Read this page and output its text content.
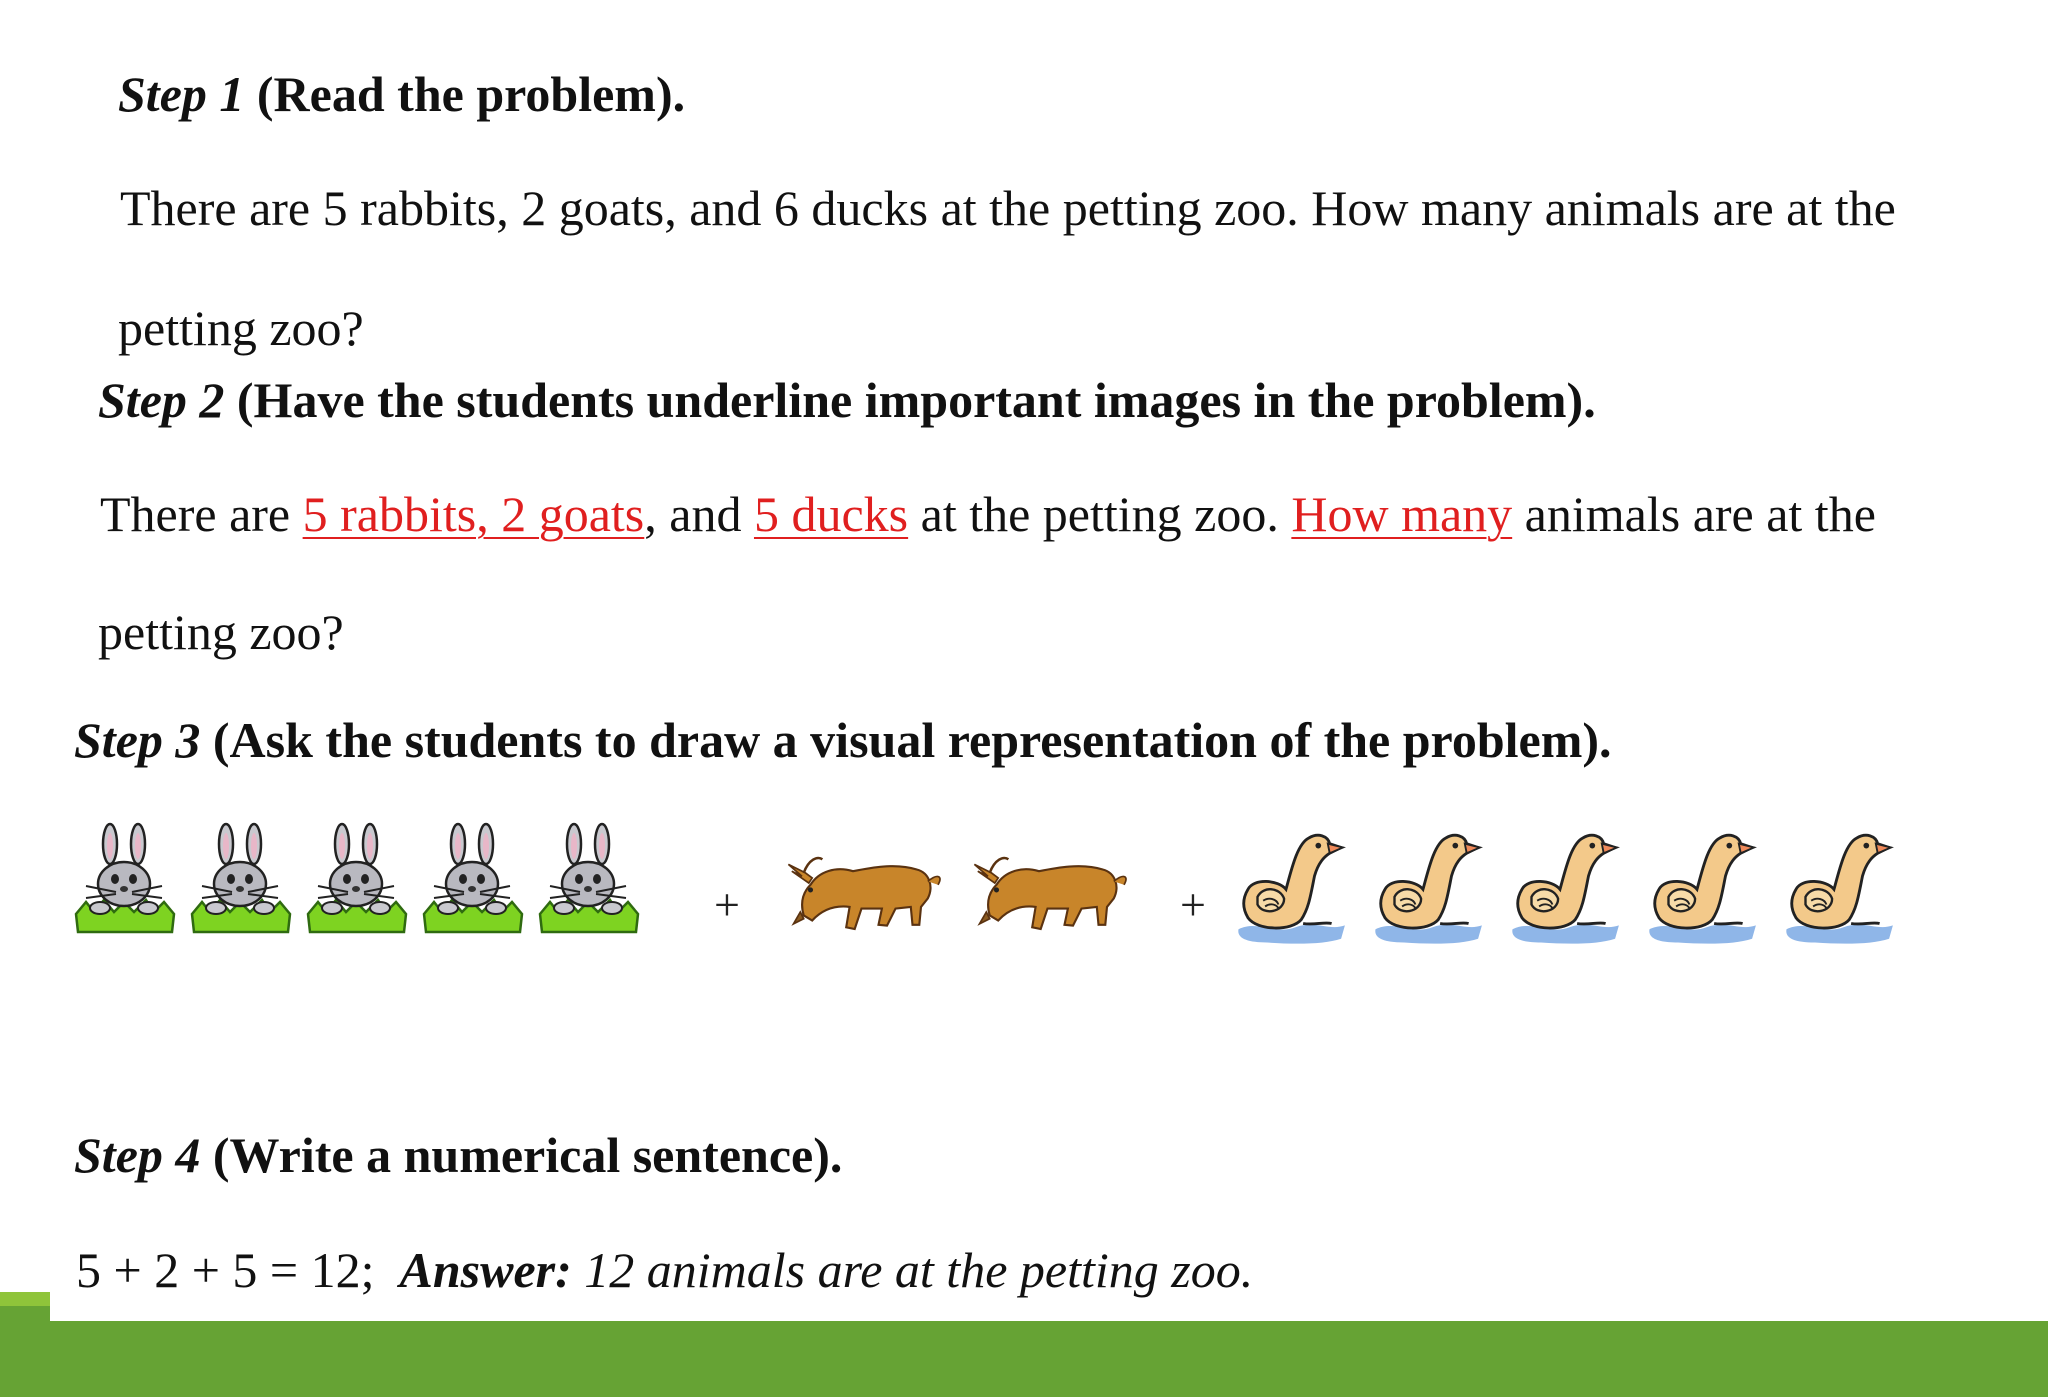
Step 1 (Read the problem).
There are 5 rabbits, 2 goats, and 6 ducks at the petting zoo. How many animals are at the
petting zoo?
Step 2 (Have the students underline important images in the problem).
There are 5 rabbits, 2 goats, and 5 ducks at the petting zoo. How many animals are at the
petting zoo?
Step 3 (Ask the students to draw a visual representation of the problem).
+	+
Step 4 (Write a numerical sentence).
5 + 2 + 5 = 12; Answer: 12 animals are at the petting zoo.
